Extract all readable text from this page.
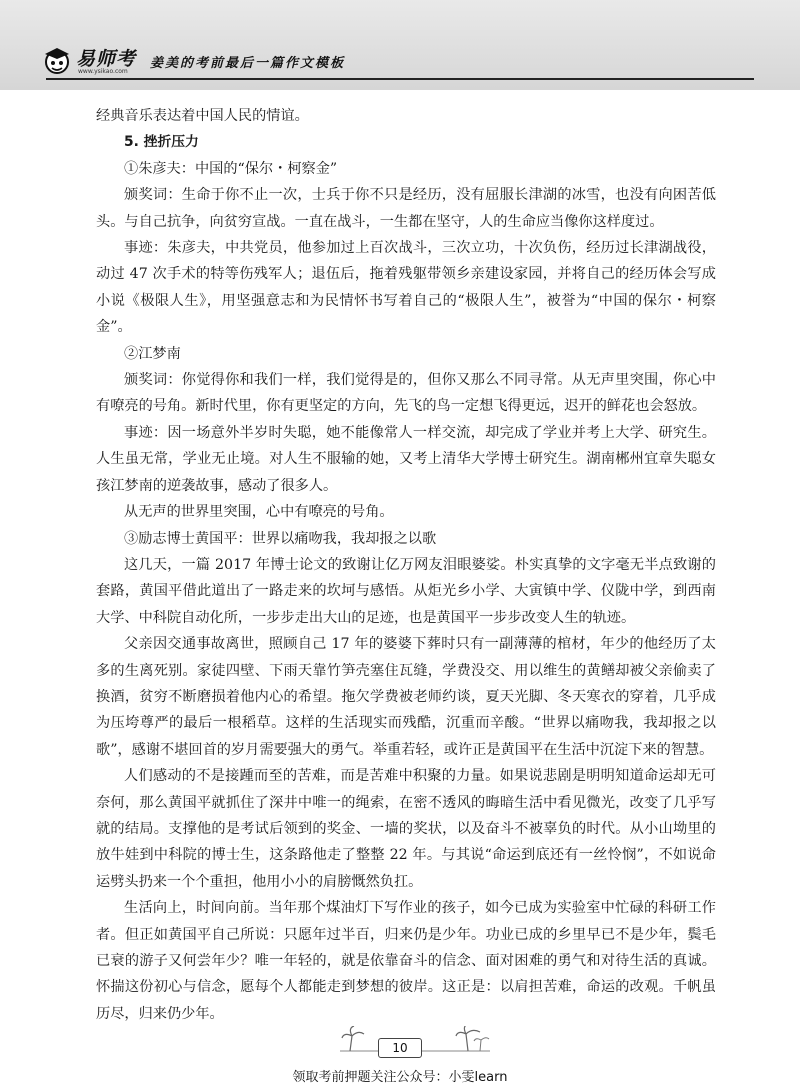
易师考
www.ysikao.com
姜美的考前最后一篇作文模板

经典音乐表达着中国人民的情谊。

5. 挫折压力

①朱彦夫：中国的“保尔・柯察金”

颁奖词：生命于你不止一次，士兵于你不只是经历，没有屈服长津湖的冰雪，也没有向困苦低头。与自己抗争，向贫穷宣战。一直在战斗，一生都在坚守，人的生命应当像你这样度过。

事迹：朱彦夫，中共党员，他参加过上百次战斗，三次立功，十次负伤，经历过长津湖战役，动过 47 次手术的特等伤残军人；退伍后，拖着残躯带领乡亲建设家园，并将自己的经历体会写成小说《极限人生》，用坚强意志和为民情怀书写着自己的“极限人生”，被誉为“中国的保尔・柯察金”。

②江梦南

颁奖词：你觉得你和我们一样，我们觉得是的，但你又那么不同寻常。从无声里突围，你心中有嘹亮的号角。新时代里，你有更坚定的方向，先飞的鸟一定想飞得更远，迟开的鲜花也会怒放。

事迹：因一场意外半岁时失聪，她不能像常人一样交流，却完成了学业并考上大学、研究生。人生虽无常，学业无止境。对人生不服输的她，又考上清华大学博士研究生。湖南郴州宜章失聪女孩江梦南的逆袭故事，感动了很多人。

从无声的世界里突围，心中有嘹亮的号角。

③励志博士黄国平：世界以痛吻我，我却报之以歌

这几天，一篇 2017 年博士论文的致谢让亿万网友泪眼婆娑。朴实真挚的文字毫无半点致谢的套路，黄国平借此道出了一路走来的坎坷与感悟。从炬光乡小学、大寅镇中学、仪陇中学，到西南大学、中科院自动化所，一步步走出大山的足迹，也是黄国平一步步改变人生的轨迹。

父亲因交通事故离世，照顾自己 17 年的婆婆下葬时只有一副薄薄的棺材，年少的他经历了太多的生离死别。家徒四壁、下雨天靠竹笋壳塞住瓦缝，学费没交、用以维生的黄鳝却被父亲偷卖了换酒，贫穷不断磨损着他内心的希望。拖欠学费被老师约谈，夏天光脚、冬天寒衣的穿着，几乎成为压垮尊严的最后一根稻草。这样的生活现实而残酷，沉重而辛酸。“世界以痛吻我，我却报之以歌”，感谢不堪回首的岁月需要强大的勇气。举重若轻，或许正是黄国平在生活中沉淀下来的智慧。

人们感动的不是接踵而至的苦难，而是苦难中积聚的力量。如果说悲剧是明明知道命运却无可奈何，那么黄国平就抓住了深井中唯一的绳索，在密不透风的晦暗生活中看见微光，改变了几乎写就的结局。支撑他的是考试后领到的奖金、一墙的奖状，以及奋斗不被辜负的时代。从小山坳里的放牛娃到中科院的博士生，这条路他走了整整 22 年。与其说“命运到底还有一丝怜悯”，不如说命运劈头扔来一个个重担，他用小小的肩膀慨然负扛。

生活向上，时间向前。当年那个煤油灯下写作业的孩子，如今已成为实验室中忙碌的科研工作者。但正如黄国平自己所说：只愿年过半百，归来仍是少年。功业已成的乡里早已不是少年，鬓毛已衰的游子又何尝年少？唯一年轻的，就是依靠奋斗的信念、面对困难的勇气和对待生活的真诚。怀揣这份初心与信念，愿每个人都能走到梦想的彼岸。这正是：以肩担苦难，命运的改观。千帆虽历尽，归来仍少年。

10
领取考前押题关注公众号：小雯learn
